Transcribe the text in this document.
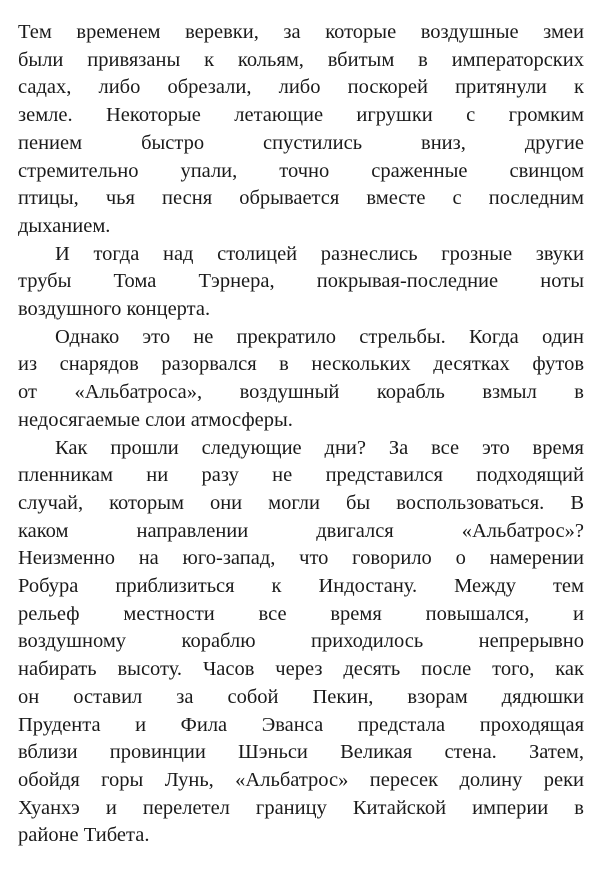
Тем временем веревки, за которые воздушные змеи
были привязаны к кольям, вбитым в императорских
садах, либо обрезали, либо поскорей притянули к
земле. Некоторые летающие игрушки с громким
пением быстро спустились вниз, другие
стремительно упали, точно сраженные свинцом
птицы, чья песня обрывается вместе с последним
дыханием.
И тогда над столицей разнеслись грозные звуки
трубы Тома Тэрнера, покрывая-последние ноты
воздушного концерта.
Однако это не прекратило стрельбы. Когда один
из снарядов разорвался в нескольких десятках футов
от «Альбатроса», воздушный корабль взмыл в
недосягаемые слои атмосферы.
Как прошли следующие дни? За все это время
пленникам ни разу не представился подходящий
случай, которым они могли бы воспользоваться. В
каком направлении двигался «Альбатрос»?
Неизменно на юго-запад, что говорило о намерении
Робура приблизиться к Индостану. Между тем
рельеф местности все время повышался, и
воздушному кораблю приходилось непрерывно
набирать высоту. Часов через десять после того, как
он оставил за собой Пекин, взорам дядюшки
Прудента и Фила Эванса предстала проходящая
вблизи провинции Шэньси Великая стена. Затем,
обойдя горы Лунь, «Альбатрос» пересек долину реки
Хуанхэ и перелетел границу Китайской империи в
районе Тибета.
